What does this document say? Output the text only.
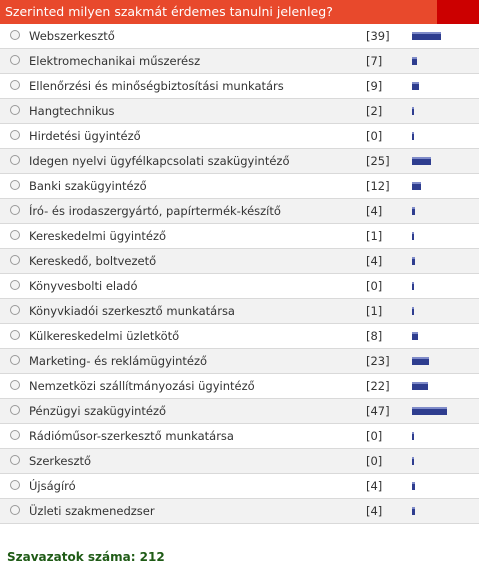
Szerinted milyen szakmát érdemes tanulni jelenleg?
Webszerkesztő	[39]
Elektromechanikai műszerész	[7]
Ellenőrzési és minőségbiztosítási munkatárs	[9]
Hangtechnikus	[2]
Hirdetési ügyintéző	[0]
Idegen nyelvi ügyfélkapcsolati szakügyintéző	[25]
Banki szakügyintéző	[12]
Író- és irodaszergyártó, papírtermék-készítő	[4]
Kereskedelmi ügyintéző	[1]
Kereskedő, boltvezető	[4]
Könyvesbolti eladó	[0]
Könyvkiadói szerkesztő munkatársa	[1]
Külkereskedelmi üzletkötő	[8]
Marketing- és reklámügyintéző	[23]
Nemzetközi szállítmányozási ügyintéző	[22]
Pénzügyi szakügyintéző	[47]
Rádióműsor-szerkesztő munkatársa	[0]
Szerkesztő	[0]
Újságíró	[4]
Üzleti szakmenedzser	[4]
Szavazatok száma: 212
